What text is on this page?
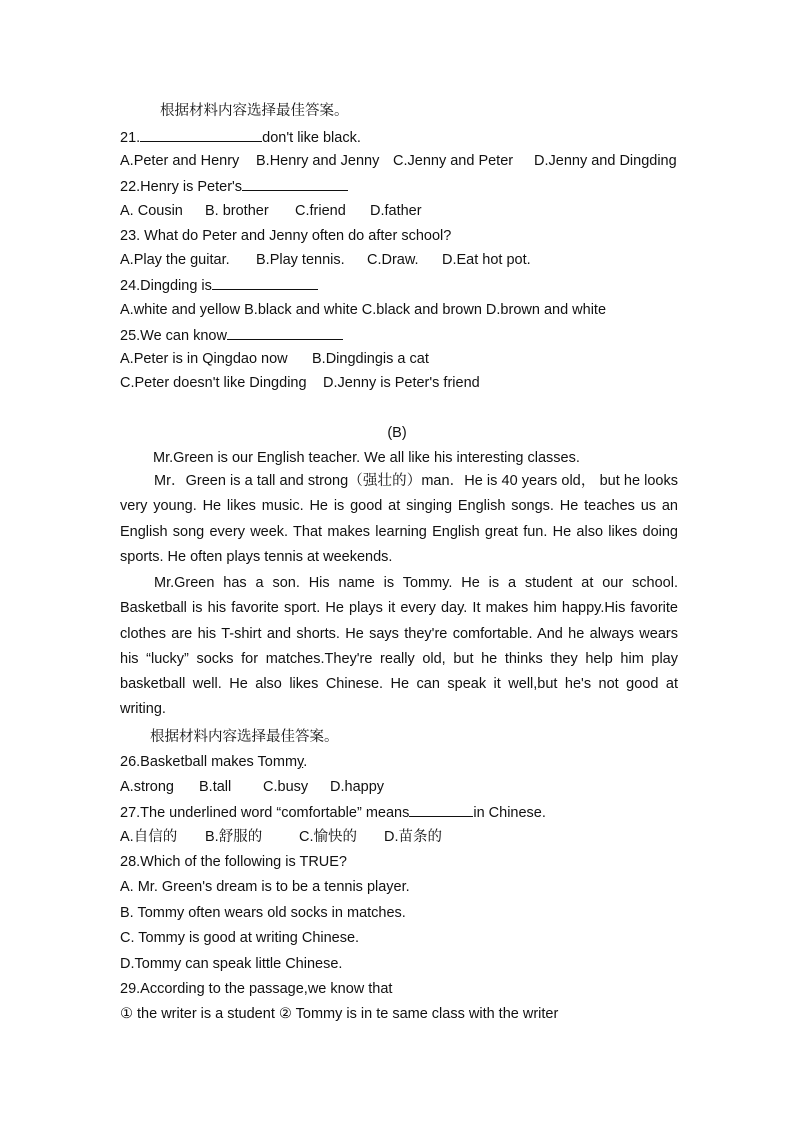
根据材料内容选择最佳答案。
21.	don't like black.
A.Peter and Henry B.Henry and Jenny C.Jenny and Peter D.Jenny and Dingding
22.Henry is Peter's
A. Cousin B. brother C.friend D.father
23. What do Peter and Jenny often do after school?
A.Play the guitar. B.Play tennis. C.Draw. D.Eat hot pot.
24.Dingding is
A.white and yellow B.black and white C.black and brown D.brown and white
25.We can know
A.Peter is in Qingdao now B.Dingdingis a cat
C.Peter doesn't like Dingding D.Jenny is Peter's friend
(B)
Mr.Green is our English teacher. We all like his interesting classes.
Mr．Green is a tall and strong（强壮的）man．He is 40 years old， but he looks very young. He likes music. He is good at singing English songs. He teaches us an English song every week. That makes learning English great fun. He also likes doing sports. He often plays tennis at weekends.
Mr.Green has a son. His name is Tommy. He is a student at our school. Basketball is his favorite sport. He plays it every day. It makes him happy.His favorite clothes are his T-shirt and shorts. He says they're comfortable. And he always wears his “lucky” socks for matches.They're really old, but he thinks they help him play basketball well. He also likes Chinese. He can speak it well,but he's not good at writing.
根据材料内容选择最佳答案。
26.Basketball makes Tommy.
A.strong B.tall C.busy D.happy
27.The underlined word “comfortable” means	in Chinese.
A.自信的 B.舒服的	C.愉快的 D.苗条的
28.Which of the following is TRUE?
A. Mr. Green's dream is to be a tennis player.
B. Tommy often wears old socks in matches.
C. Tommy is good at writing Chinese.
D.Tommy can speak little Chinese.
29.According to the passage,we know that
① the writer is a student ② Tommy is in te same class with the writer
